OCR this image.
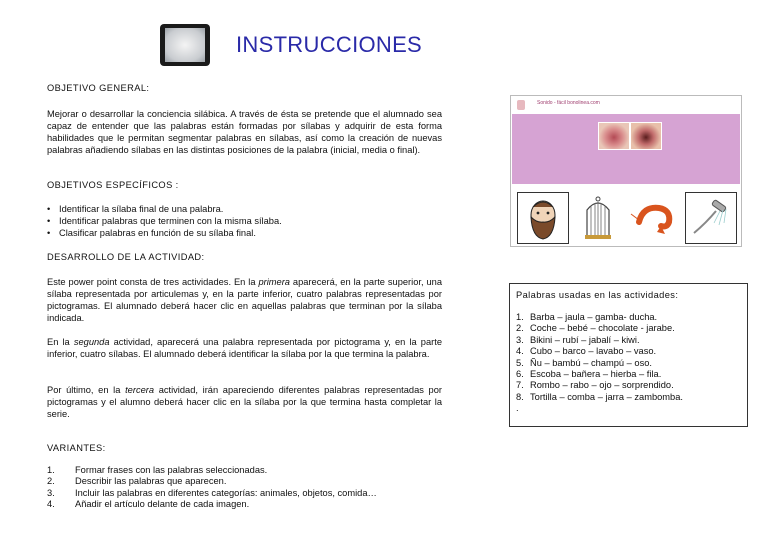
INSTRUCCIONES
OBJETIVO GENERAL:
Mejorar o desarrollar la conciencia silábica. A través de ésta se pretende que el alumnado sea capaz de entender que las palabras están formadas por sílabas y adquirir de esta forma habilidades que le permitan segmentar palabras en sílabas, así como la creación de nuevas palabras añadiendo sílabas en las distintas posiciones de la palabra (inicial, media o final).
OBJETIVOS ESPECÍFICOS :
• Identificar la sílaba final de una palabra.
• Identificar palabras que terminen con la misma sílaba.
• Clasificar palabras en función de su sílaba final.
DESARROLLO DE LA ACTIVIDAD:
Este power point consta de tres actividades. En la primera aparecerá, en la parte superior, una sílaba representada por articulemas y, en la parte inferior, cuatro palabras representadas por pictogramas. El alumnado deberá hacer clic en aquellas palabras que terminan por la sílaba indicada.
En la segunda actividad, aparecerá una palabra representada por pictograma y, en la parte inferior, cuatro sílabas. El alumnado deberá identificar la sílaba por la que termina la palabra.
Por último, en la tercera actividad, irán apareciendo diferentes palabras representadas por pictogramas y el alumno deberá hacer clic en la sílaba por la que termina hasta completar la serie.
VARIANTES:
1.	Formar frases con las palabras seleccionadas.
2.	Describir las palabras que aparecen.
3.	Incluir las palabras en diferentes categorías: animales, objetos, comida…
4.	Añadir el artículo delante de cada imagen.
Sonido - fácil bonolinea.com
Palabras usadas en las actividades:
1. Barba – jaula – gamba- ducha.
2. Coche – bebé – chocolate - jarabe.
3. Bikini – rubí – jabalí – kiwi.
4. Cubo – barco – lavabo – vaso.
5. Ñu – bambú – champú – oso.
6. Escoba – bañera – hierba – fila.
7. Rombo – rabo – ojo – sorprendido.
8. Tortilla – comba – jarra – zambomba.
.
